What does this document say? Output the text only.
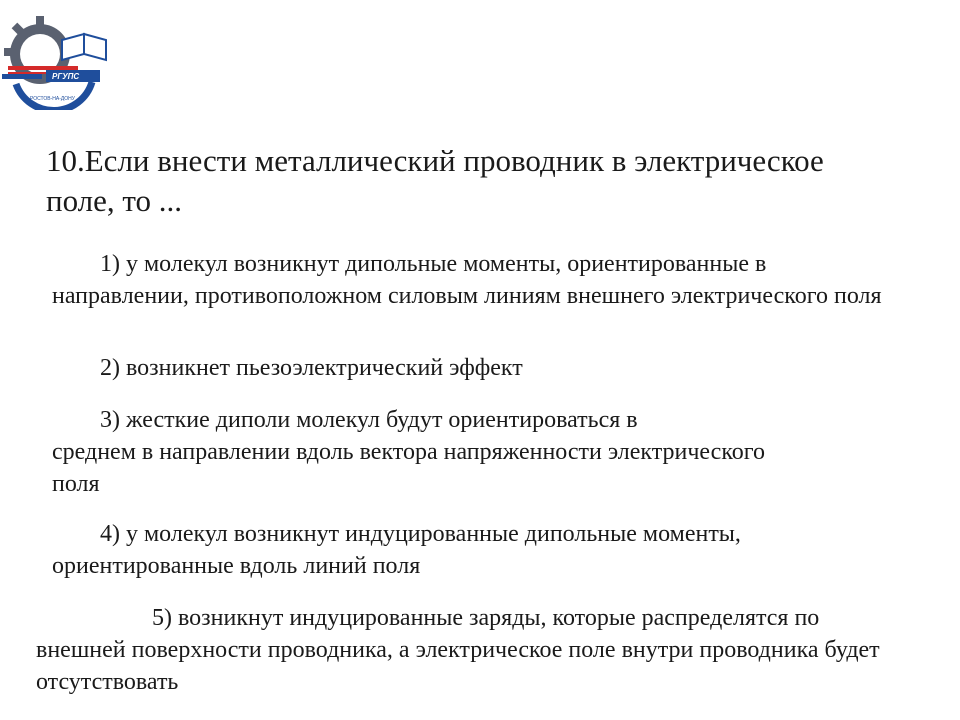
РОСТОВ-НА-ДОНУ
РГУПС
10.Если внести металлический проводник в электрическое поле, то ...
1) у молекул возникнут дипольные моменты, ориентированные в
направлении, противоположном силовым линиям внешнего электрического поля
2) возникнет пьезоэлектрический эффект
3) жесткие диполи молекул будут ориентироваться в
среднем в направлении вдоль вектора напряженности электрического поля
4) у молекул возникнут индуцированные дипольные моменты,
ориентированные вдоль линий поля
5) возникнут индуцированные заряды, которые распределятся по
внешней поверхности проводника, а электрическое поле внутри проводника будет отсутствовать
